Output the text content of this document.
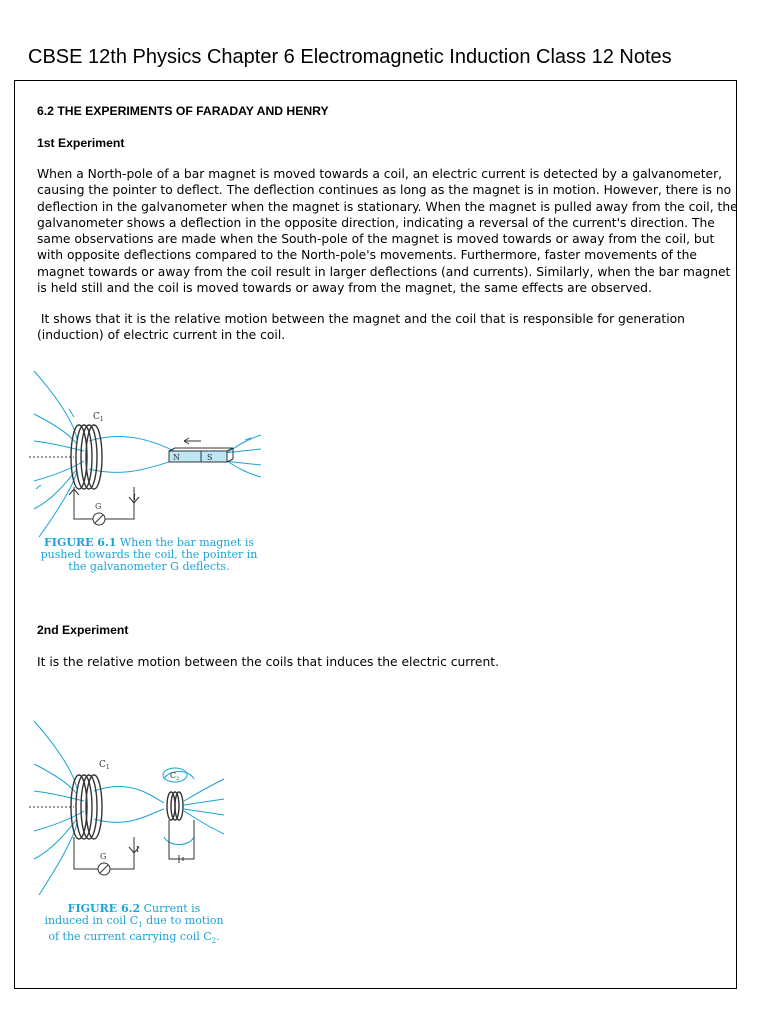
CBSE 12th Physics Chapter 6 Electromagnetic Induction Class 12 Notes
6.2 THE EXPERIMENTS OF FARADAY AND HENRY
1st Experiment
When a North-pole of a bar magnet is moved towards a coil, an electric current is detected by a galvanometer, causing the pointer to deflect. The deflection continues as long as the magnet is in motion. However, there is no deflection in the galvanometer when the magnet is stationary. When the magnet is pulled away from the coil, the galvanometer shows a deflection in the opposite direction, indicating a reversal of the current's direction. The same observations are made when the South-pole of the magnet is moved towards or away from the coil, but with opposite deflections compared to the North-pole's movements. Furthermore, faster movements of the magnet towards or away from the coil result in larger deflections (and currents). Similarly, when the bar magnet is held still and the coil is moved towards or away from the magnet, the same effects are observed.
It shows that it is the relative motion between the magnet and the coil that is responsible for generation (induction) of electric current in the coil.
$C_1$
N	S
G
I
FIGURE 6.1 When the bar magnet is
pushed towards the coil, the pointer in
the galvanometer G deflects.
2nd Experiment
It is the relative motion between the coils that induces the electric current.
$C_1$
$C_2$
G
I
FIGURE 6.2 Current is
induced in coil $C_1$ due to motion
of the current carrying coil $C_2$.
